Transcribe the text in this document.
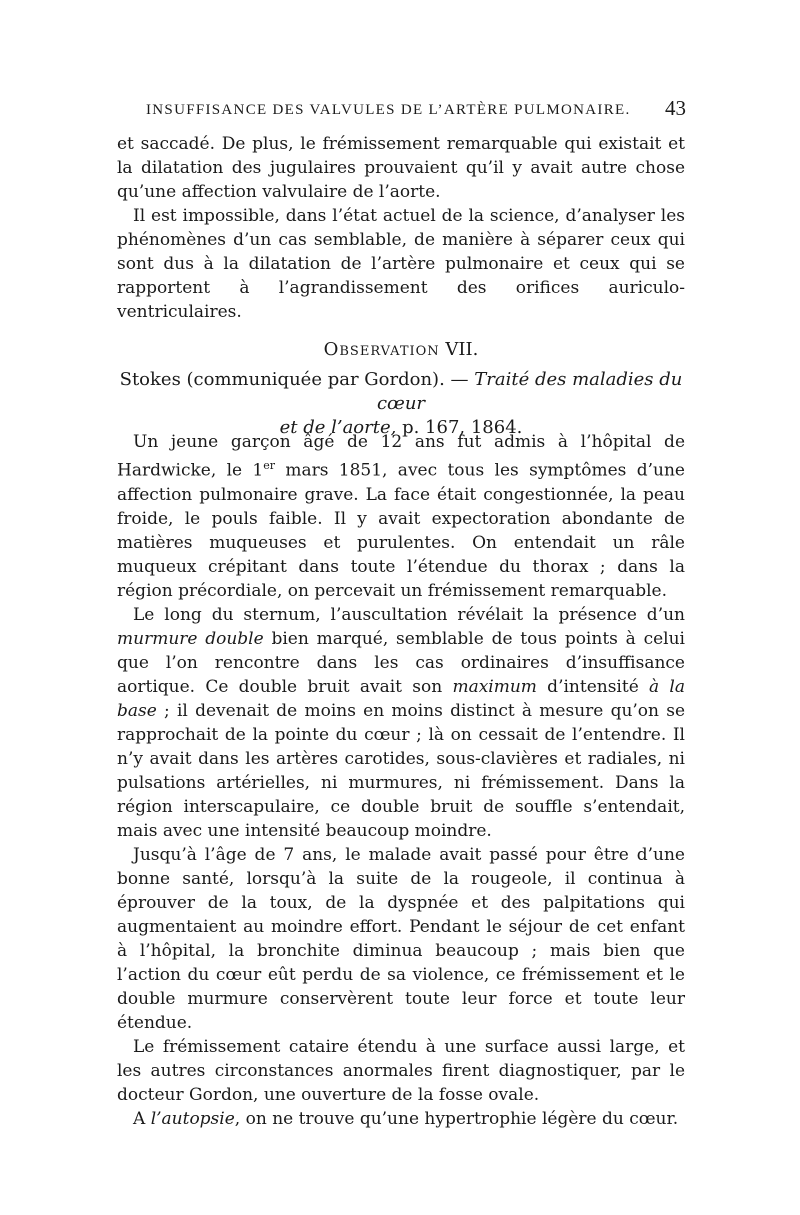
INSUFFISANCE DES VALVULES DE L’ARTÈRE PULMONAIRE. 43

et saccadé. De plus, le frémissement remarquable qui existait et la dilatation des jugulaires prouvaient qu’il y avait autre chose qu’une affection valvulaire de l’aorte.

Il est impossible, dans l’état actuel de la science, d’analyser les phénomènes d’un cas semblable, de manière à séparer ceux qui sont dus à la dilatation de l’artère pulmonaire et ceux qui se rapportent à l’agrandissement des orifices auriculo-ventriculaires.

Observation VII.

Stokes (communiquée par Gordon). — Traité des maladies du cœur

et de l’aorte, p. 167, 1864.

Un jeune garçon âgé de 12 ans fut admis à l’hôpital de Hardwicke, le 1er mars 1851, avec tous les symptômes d’une affection pulmonaire grave. La face était congestionnée, la peau froide, le pouls faible. Il y avait expectoration abondante de matières muqueuses et purulentes. On entendait un râle muqueux crépitant dans toute l’étendue du thorax ; dans la région précordiale, on percevait un frémissement remarquable.

Le long du sternum, l’auscultation révélait la présence d’un murmure double bien marqué, semblable de tous points à celui que l’on rencontre dans les cas ordinaires d’insuffisance aortique. Ce double bruit avait son maximum d’intensité à la base ; il devenait de moins en moins distinct à mesure qu’on se rapprochait de la pointe du cœur ; là on cessait de l’entendre. Il n’y avait dans les artères carotides, sous-clavières et radiales, ni pulsations artérielles, ni murmures, ni frémissement. Dans la région interscapulaire, ce double bruit de souffle s’entendait, mais avec une intensité beaucoup moindre.

Jusqu’à l’âge de 7 ans, le malade avait passé pour être d’une bonne santé, lorsqu’à la suite de la rougeole, il continua à éprouver de la toux, de la dyspnée et des palpitations qui augmentaient au moindre effort. Pendant le séjour de cet enfant à l’hôpital, la bronchite diminua beaucoup ; mais bien que l’action du cœur eût perdu de sa violence, ce frémissement et le double murmure conservèrent toute leur force et toute leur étendue.

Le frémissement cataire étendu à une surface aussi large, et les autres circonstances anormales firent diagnostiquer, par le docteur Gordon, une ouverture de la fosse ovale.

A l’autopsie, on ne trouve qu’une hypertrophie légère du cœur.
